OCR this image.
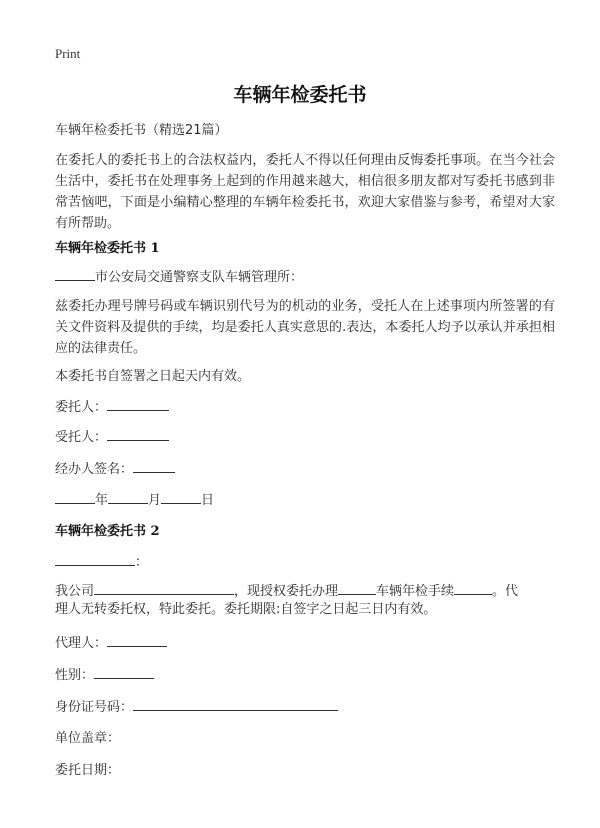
Print
车辆年检委托书
车辆年检委托书（精选21篇）
在委托人的委托书上的合法权益内，委托人不得以任何理由反悔委托事项。在当今社会生活中，委托书在处理事务上起到的作用越来越大，相信很多朋友都对写委托书感到非常苦恼吧，下面是小编精心整理的车辆年检委托书，欢迎大家借鉴与参考，希望对大家有所帮助。
车辆年检委托书 1
市公安局交通警察支队车辆管理所：
兹委托办理号牌号码或车辆识别代号为的机动的业务，受托人在上述事项内所签署的有关文件资料及提供的手续，均是委托人真实意思的.表达，本委托人均予以承认并承担相应的法律责任。
本委托书自签署之日起天内有效。
委托人：
受托人：
经办人签名：
年	月	日
车辆年检委托书 2
：
我公司	，现授权委托办理	车辆年检手续	。代
理人无转委托权，特此委托。委托期限:自签字之日起三日内有效。
代理人：
性别：
身份证号码：
单位盖章：
委托日期：
